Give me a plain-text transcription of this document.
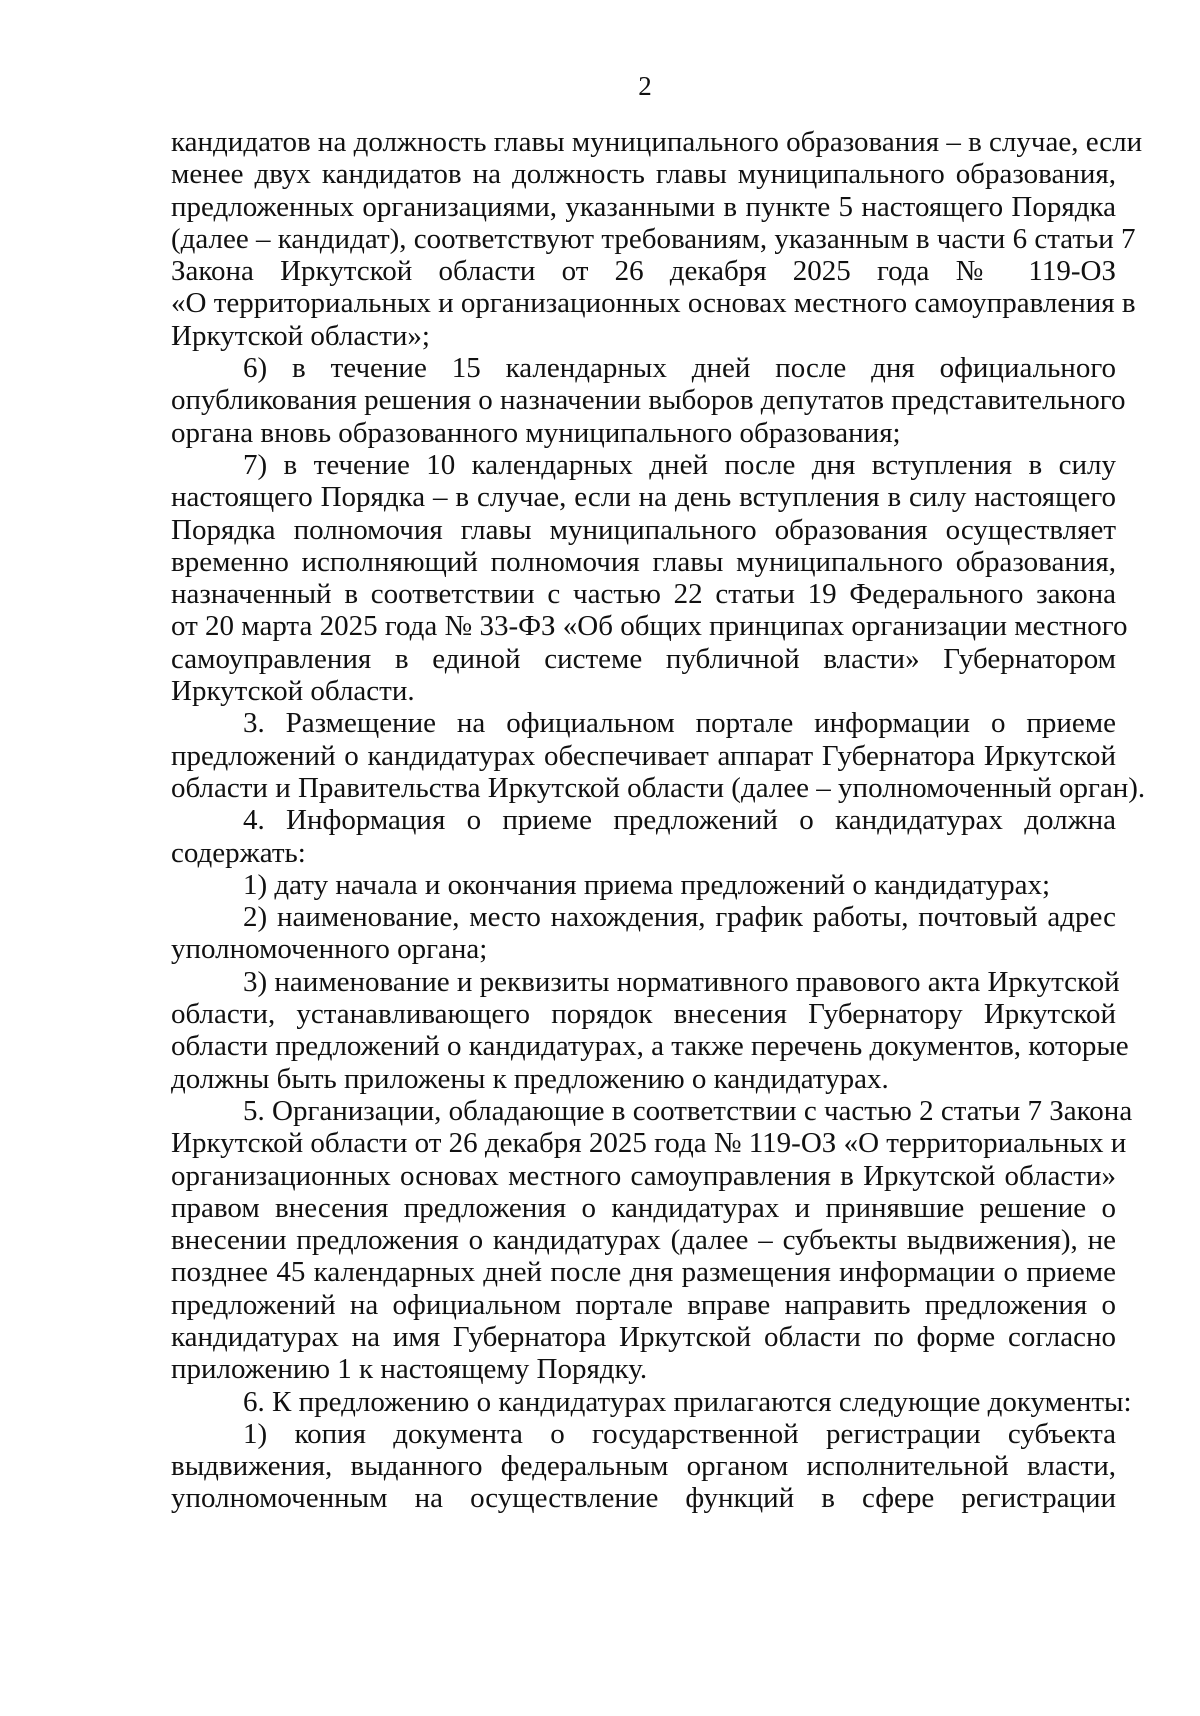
2
кандидатов на должность главы муниципального образования – в случае, если
менее двух кандидатов на должность главы муниципального образования,
предложенных организациями, указанными в пункте 5 настоящего Порядка
(далее – кандидат), соответствуют требованиям, указанным в части 6 статьи 7
Закона Иркутской области от 26 декабря 2025 года № 119-ОЗ
«О территориальных и организационных основах местного самоуправления в
Иркутской области»;
6) в течение 15 календарных дней после дня официального
опубликования решения о назначении выборов депутатов представительного
органа вновь образованного муниципального образования;
7) в течение 10 календарных дней после дня вступления в силу
настоящего Порядка – в случае, если на день вступления в силу настоящего
Порядка полномочия главы муниципального образования осуществляет
временно исполняющий полномочия главы муниципального образования,
назначенный в соответствии с частью 22 статьи 19 Федерального закона
от 20 марта 2025 года № 33-ФЗ «Об общих принципах организации местного
самоуправления в единой системе публичной власти» Губернатором
Иркутской области.
3. Размещение на официальном портале информации о приеме
предложений о кандидатурах обеспечивает аппарат Губернатора Иркутской
области и Правительства Иркутской области (далее – уполномоченный орган).
4. Информация о приеме предложений о кандидатурах должна
содержать:
1) дату начала и окончания приема предложений о кандидатурах;
2) наименование, место нахождения, график работы, почтовый адрес
уполномоченного органа;
3) наименование и реквизиты нормативного правового акта Иркутской
области, устанавливающего порядок внесения Губернатору Иркутской
области предложений о кандидатурах, а также перечень документов, которые
должны быть приложены к предложению о кандидатурах.
5. Организации, обладающие в соответствии с частью 2 статьи 7 Закона
Иркутской области от 26 декабря 2025 года № 119-ОЗ «О территориальных и
организационных основах местного самоуправления в Иркутской области»
правом внесения предложения о кандидатурах и принявшие решение о
внесении предложения о кандидатурах (далее – субъекты выдвижения), не
позднее 45 календарных дней после дня размещения информации о приеме
предложений на официальном портале вправе направить предложения о
кандидатурах на имя Губернатора Иркутской области по форме согласно
приложению 1 к настоящему Порядку.
6. К предложению о кандидатурах прилагаются следующие документы:
1) копия документа о государственной регистрации субъекта
выдвижения, выданного федеральным органом исполнительной власти,
уполномоченным на осуществление функций в сфере регистрации
